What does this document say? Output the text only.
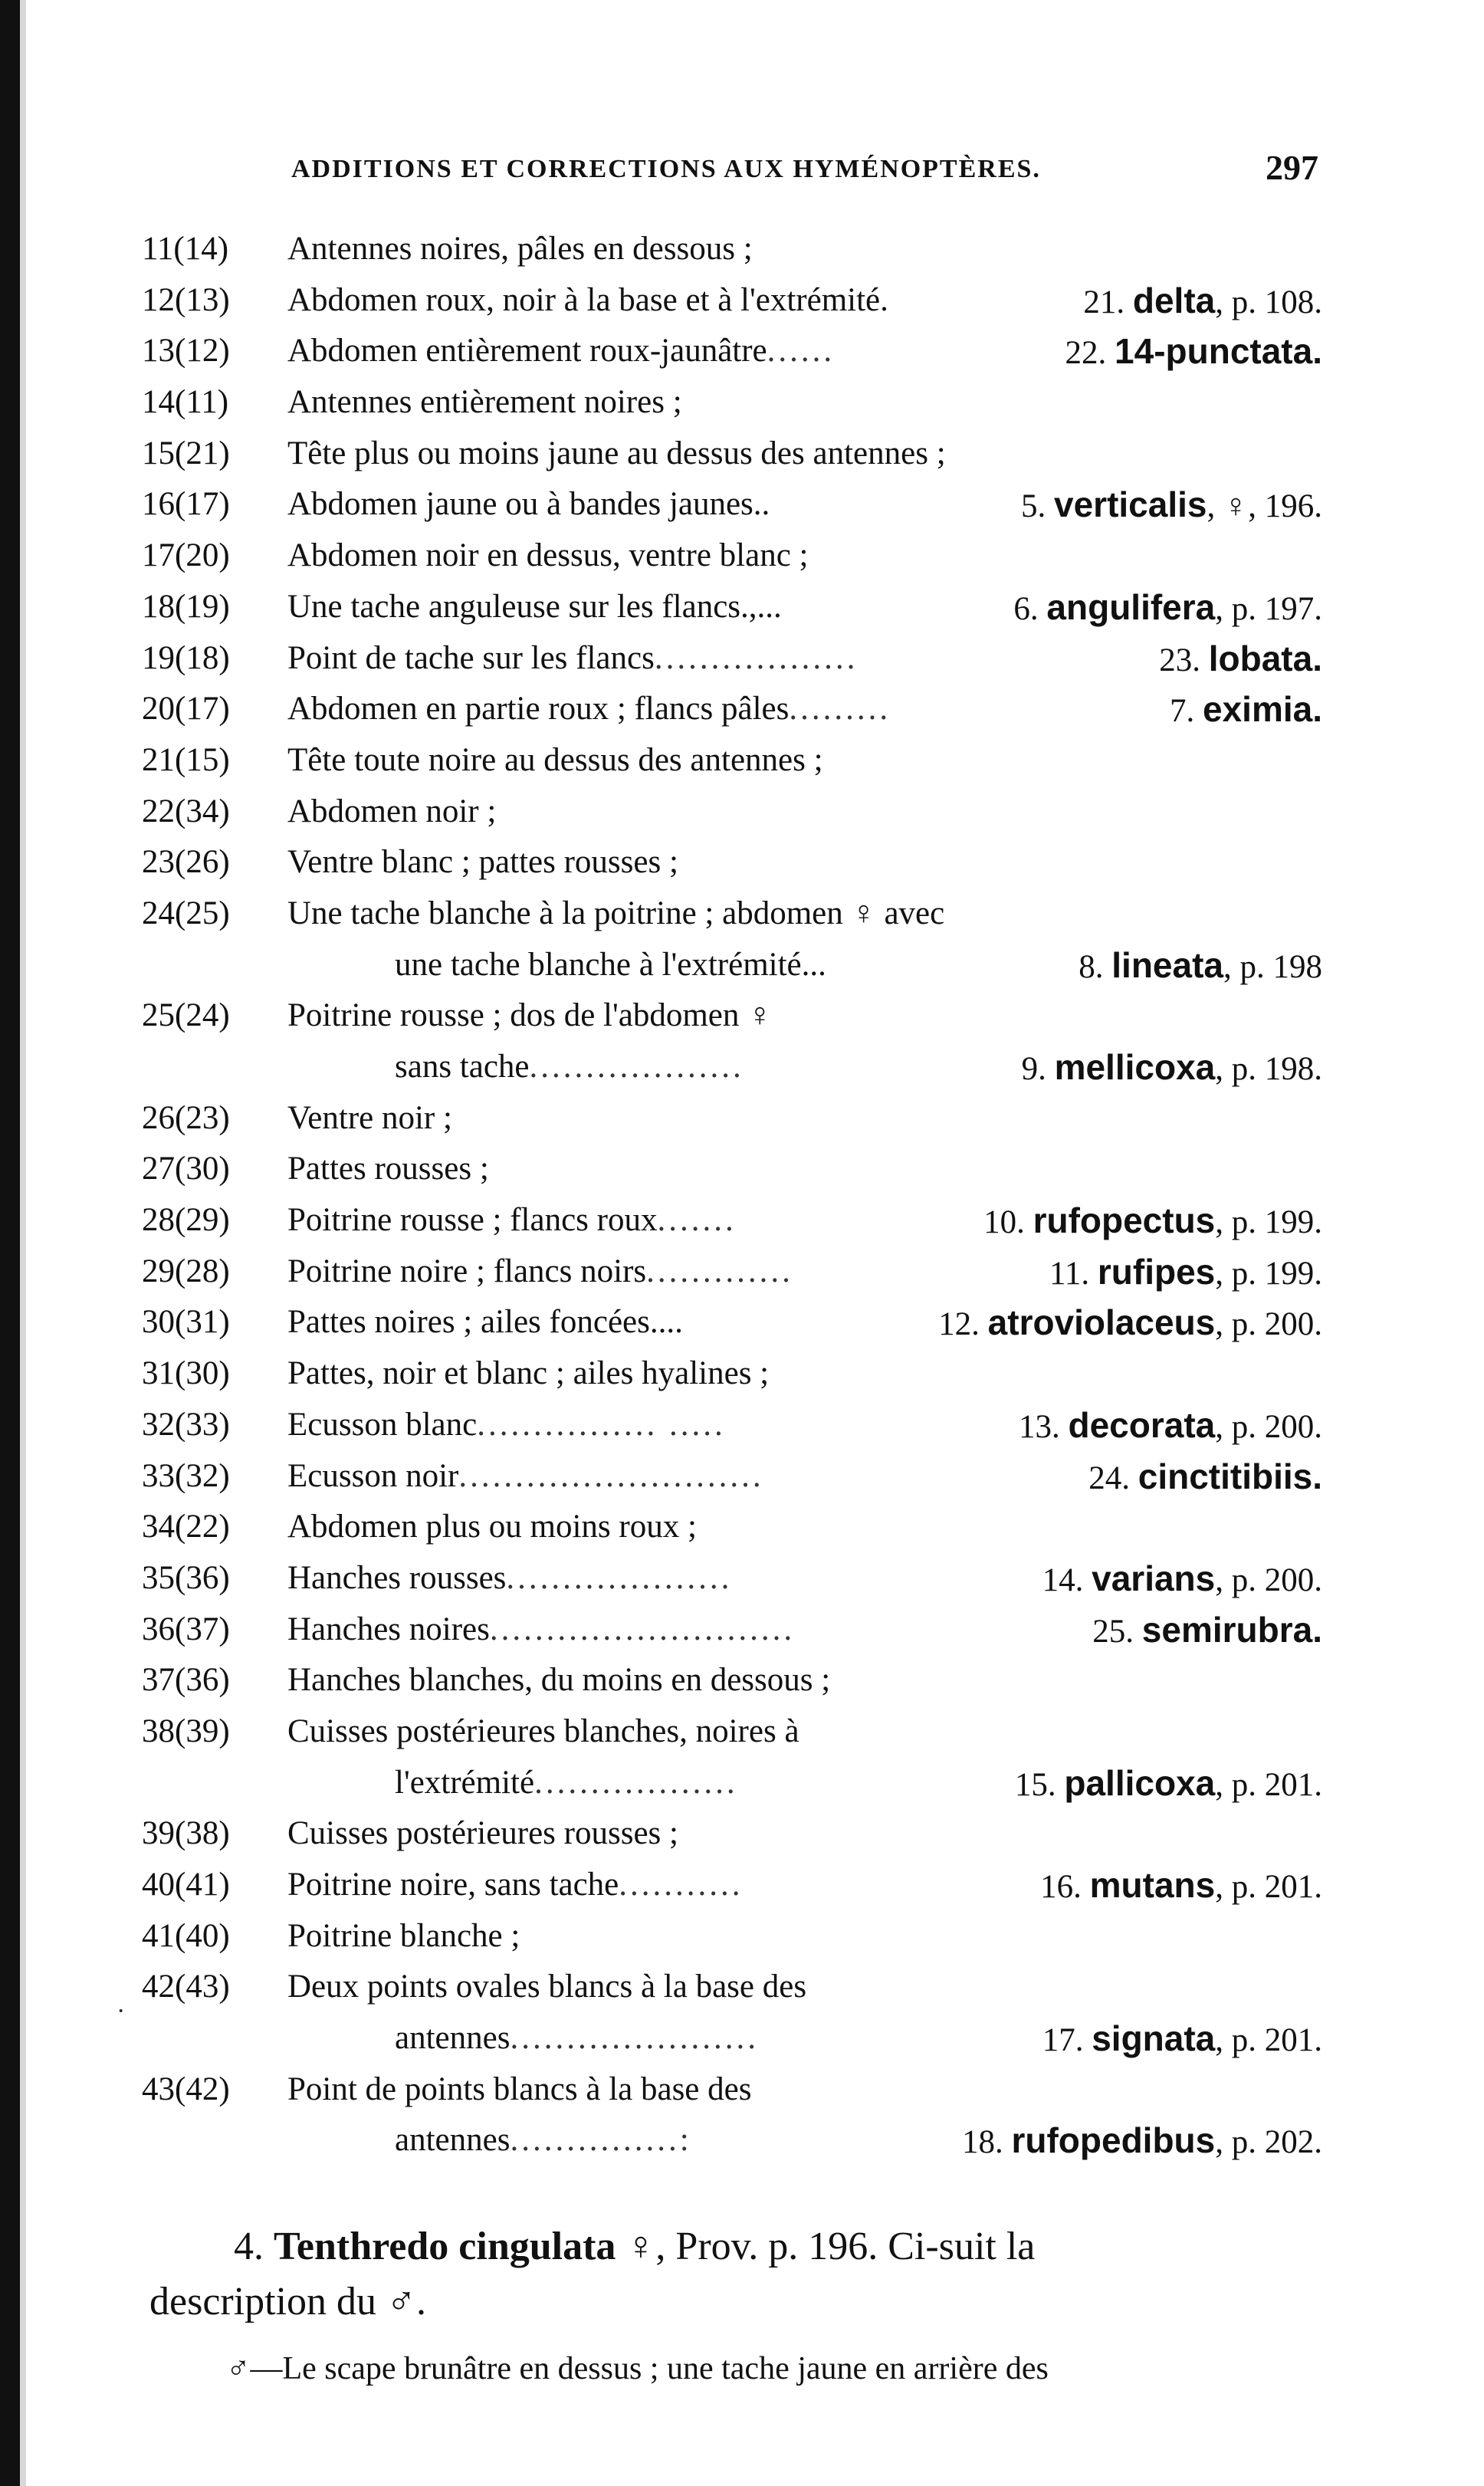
ADDITIONS ET CORRECTIONS AUX HYMÉNOPTÈRES.	297
11(14)	Antennes noires, pâles en dessous ;
12(13)	Abdomen roux, noir à la base et à l'extrémité.	21. delta, p. 108.
13(12)	Abdomen entièrement roux-jaunâtre......	22. 14-punctata.
14(11)	Antennes entièrement noires ;
15(21)	Tête plus ou moins jaune au dessus des antennes ;
16(17)	Abdomen jaune ou à bandes jaunes..	5. verticalis, ♀, 196.
17(20)	Abdomen noir en dessus, ventre blanc ;
18(19)	Une tache anguleuse sur les flancs.,...	6. angulifera, p. 197.
19(18)	Point de tache sur les flancs..................	23. lobata.
20(17)	Abdomen en partie roux ; flancs pâles.........	7. eximia.
21(15)	Tête toute noire au dessus des antennes ;
22(34)	Abdomen noir ;
23(26)	Ventre blanc ; pattes rousses ;
24(25)	Une tache blanche à la poitrine ; abdomen ♀ avec
une tache blanche à l'extrémité...	8. lineata, p. 198
25(24)	Poitrine rousse ; dos de l'abdomen ♀
sans tache...................	9. mellicoxa, p. 198.
26(23)	Ventre noir ;
27(30)	Pattes rousses ;
28(29)	Poitrine rousse ; flancs roux.......	10. rufopectus, p. 199.
29(28)	Poitrine noire ; flancs noirs.............	11. rufipes, p. 199.
30(31)	Pattes noires ; ailes foncées....	12. atroviolaceus, p. 200.
31(30)	Pattes, noir et blanc ; ailes hyalines ;
32(33)	Ecusson blanc................ .....	13. decorata, p. 200.
33(32)	Ecusson noir...........................	24. cinctitibiis.
34(22)	Abdomen plus ou moins roux ;
35(36)	Hanches rousses....................	14. varians, p. 200.
36(37)	Hanches noires...........................	25. semirubra.
37(36)	Hanches blanches, du moins en dessous ;
38(39)	Cuisses postérieures blanches, noires à
l'extrémité..................	15. pallicoxa, p. 201.
39(38)	Cuisses postérieures rousses ;
40(41)	Poitrine noire, sans tache...........	16. mutans, p. 201.
41(40)	Poitrine blanche ;
42(43)	Deux points ovales blancs à la base des
antennes......................	17. signata, p. 201.
43(42)	Point de points blancs à la base des
antennes...............:	18. rufopedibus, p. 202.
·
4. Tenthredo cingulata ♀, Prov. p. 196. Ci-suit la
description du ♂.
♂—Le scape brunâtre en dessus ; une tache jaune en arrière des
